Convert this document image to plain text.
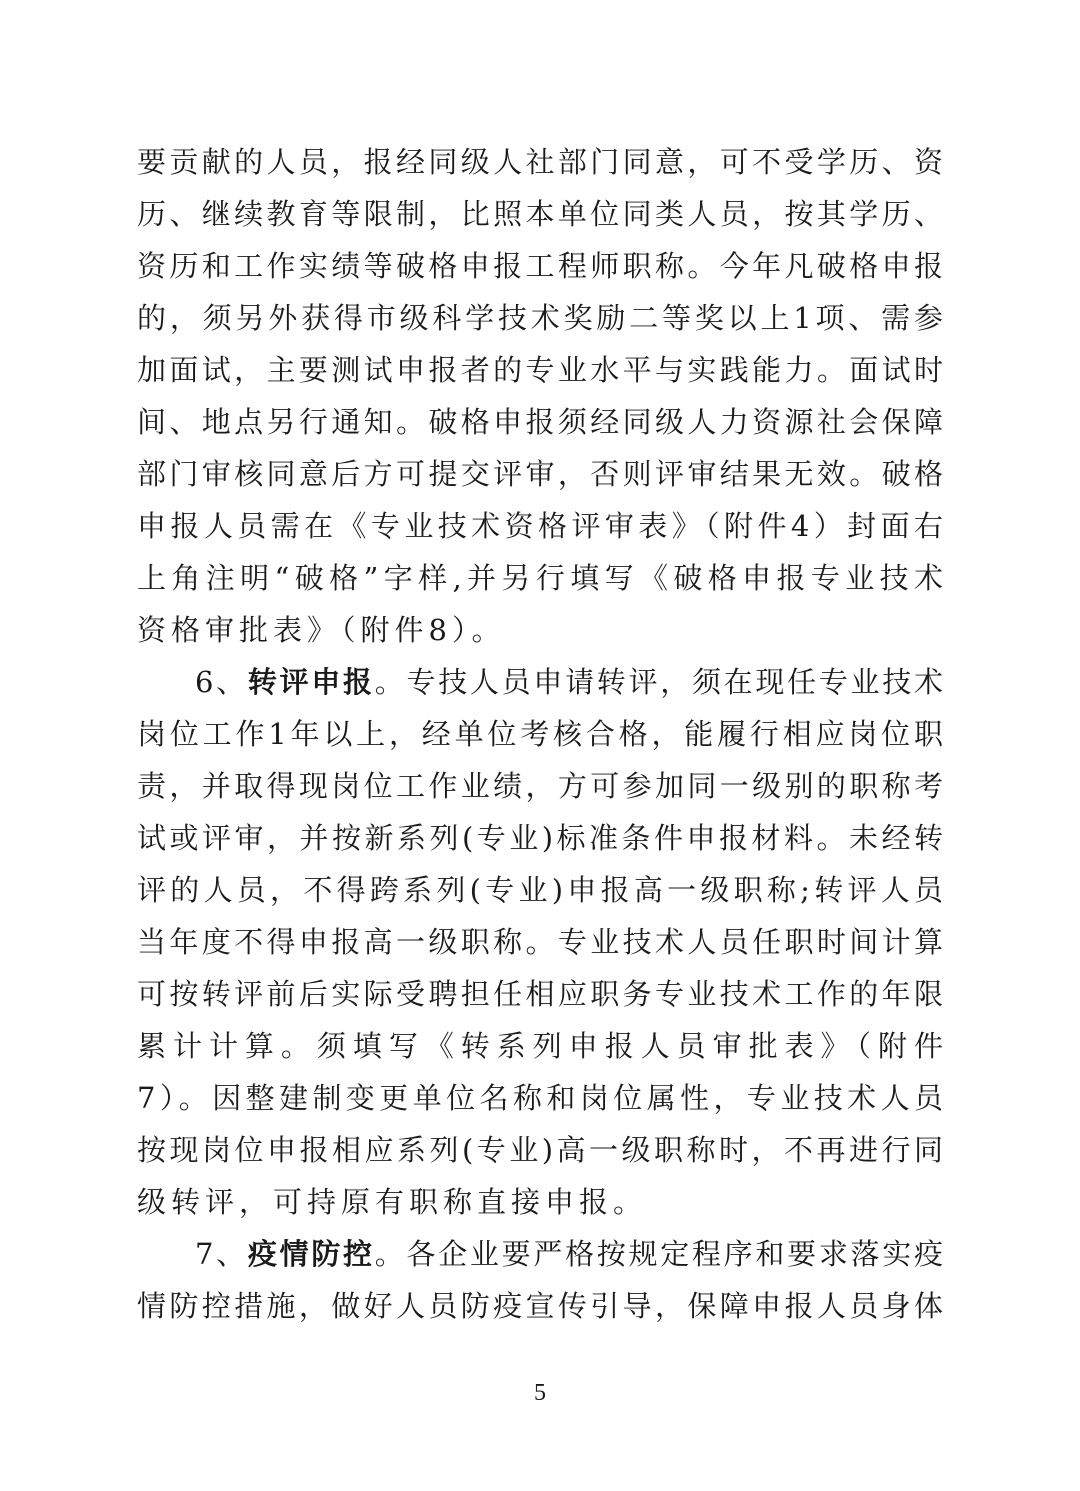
要贡献的人员，报经同级人社部门同意，可不受学历、资
历、继续教育等限制，比照本单位同类人员，按其学历、
资历和工作实绩等破格申报工程师职称。今年凡破格申报
的，须另外获得市级科学技术奖励二等奖以上1项、需参
加面试，主要测试申报者的专业水平与实践能力。面试时
间、地点另行通知。破格申报须经同级人力资源社会保障
部门审核同意后方可提交评审，否则评审结果无效。破格
申报人员需在《专业技术资格评审表》（附件4）封面右
上角注明“破格”字样,并另行填写《破格申报专业技术
资格审批表》（附件8）。
6、转评申报。专技人员申请转评，须在现任专业技术
岗位工作1年以上，经单位考核合格，能履行相应岗位职
责，并取得现岗位工作业绩，方可参加同一级别的职称考
试或评审，并按新系列(专业)标准条件申报材料。未经转
评的人员，不得跨系列(专业)申报高一级职称;转评人员
当年度不得申报高一级职称。专业技术人员任职时间计算
可按转评前后实际受聘担任相应职务专业技术工作的年限
累计计算。须填写《转系列申报人员审批表》（附件
7）。因整建制变更单位名称和岗位属性，专业技术人员
按现岗位申报相应系列(专业)高一级职称时，不再进行同
级转评，可持原有职称直接申报。
7、疫情防控。各企业要严格按规定程序和要求落实疫
情防控措施，做好人员防疫宣传引导，保障申报人员身体
5
